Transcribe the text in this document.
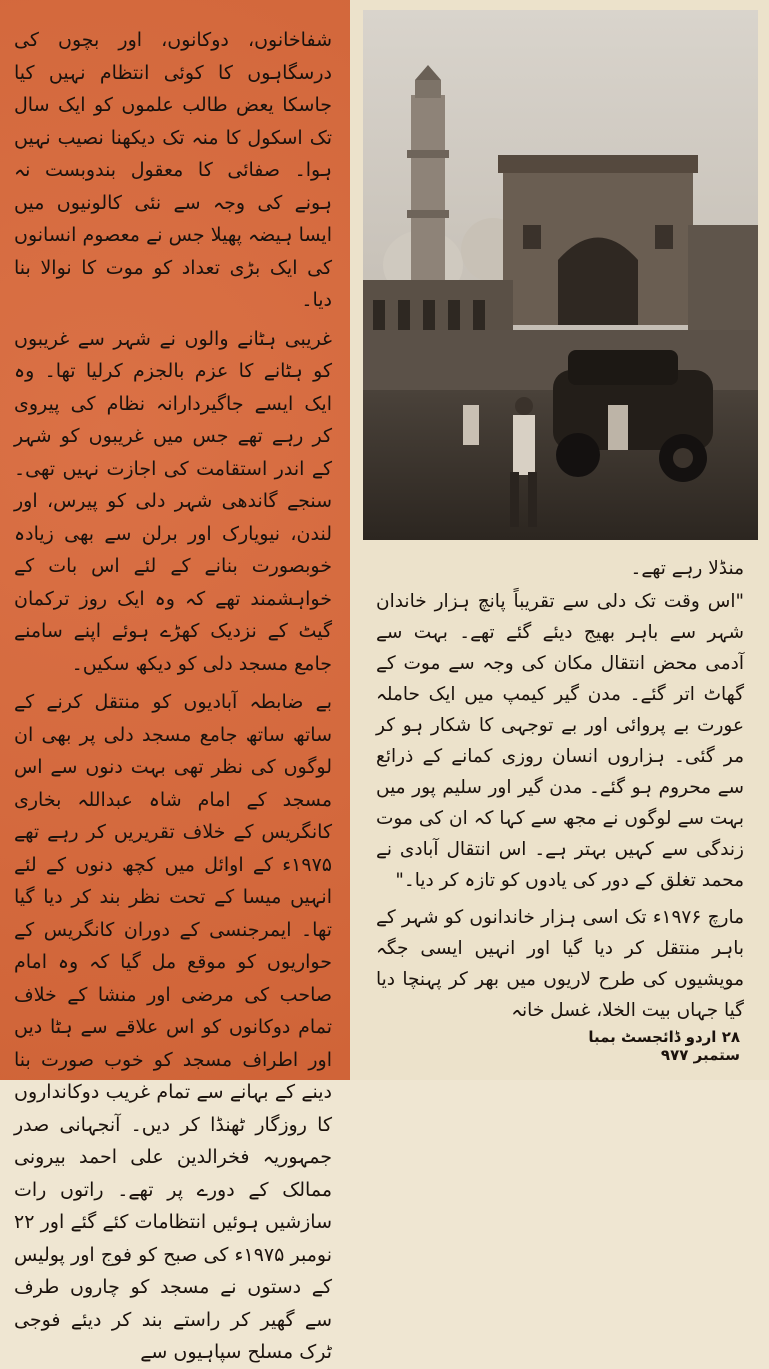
شفاخانوں، دوکانوں، اور بچوں کی درسگاہوں کا کوئی انتظام نہیں کیا جاسکا یعض طالب علموں کو ایک سال تک اسکول کا منہ تک دیکھنا نصیب نہیں ہوا۔ صفائی کا معقول بندوبست نہ ہونے کی وجہ سے نئی کالونیوں میں ایسا ہیضہ پھیلا جس نے معصوم انسانوں کی ایک بڑی تعداد کو موت کا نوالا بنا دیا۔

غریبی ہٹانے والوں نے شہر سے غریبوں کو ہٹانے کا عزم بالجزم کرلیا تھا۔ وہ ایک ایسے جاگیردارانہ نظام کی پیروی کر رہے تھے جس میں غریبوں کو شہر کے اندر استقامت کی اجازت نہیں تھی۔ سنجے گاندھی شہر دلی کو پیرس، اور لندن، نیویارک اور برلن سے بھی زیادہ خوبصورت بنانے کے لئے اس بات کے خواہشمند تھے کہ وہ ایک روز ترکمان گیٹ کے نزدیک کھڑے ہوئے اپنے سامنے جامع مسجد دلی کو دیکھ سکیں۔

بے ضابطہ آبادیوں کو منتقل کرنے کے ساتھ ساتھ جامع مسجد دلی پر بھی ان لوگوں کی نظر تھی بہت دنوں سے اس مسجد کے امام شاہ عبداللہ بخاری کانگریس کے خلاف تقریریں کر رہے تھے ۱۹۷۵ء کے اوائل میں کچھ دنوں کے لئے انہیں میسا کے تحت نظر بند کر دیا گیا تھا۔ ایمرجنسی کے دوران کانگریس کے حواریوں کو موقع مل گیا کہ وہ امام صاحب کی مرضی اور منشا کے خلاف تمام دوکانوں کو اس علاقے سے ہٹا دیں اور اطراف مسجد کو خوب صورت بنا دینے کے بہانے سے تمام غریب دوکانداروں کا روزگار ٹھنڈا کر دیں۔ آنجہانی صدر جمہوریہ فخرالدین علی احمد بیرونی ممالک کے دورے پر تھے۔ راتوں رات سازشیں ہوئیں انتظامات کئے گئے اور ۲۲ نومبر ۱۹۷۵ء کی صبح کو فوج اور پولیس کے دستوں نے مسجد کو چاروں طرف سے گھیر کر راستے بند کر دیئے فوجی ٹرک مسلح سپاہیوں سے

منڈلا رہے تھے۔

"اس وقت تک دلی سے تقریباً پانچ ہزار خاندان شہر سے باہر بھیج دیئے گئے تھے۔ بہت سے آدمی محض انتقال مکان کی وجہ سے موت کے گھاٹ اتر گئے۔ مدن گیر کیمپ میں ایک حاملہ عورت بے پروائی اور بے توجہی کا شکار ہو کر مر گئی۔ ہزاروں انسان روزی کمانے کے ذرائع سے محروم ہو گئے۔ مدن گیر اور سلیم پور میں بہت سے لوگوں نے مجھ سے کہا کہ ان کی موت زندگی سے کہیں بہتر ہے۔ اس انتقال آبادی نے محمد تغلق کے دور کی یادوں کو تازہ کر دیا۔"

مارچ ۱۹۷۶ء تک اسی ہزار خاندانوں کو شہر کے باہر منتقل کر دیا گیا اور انہیں ایسی جگہ مویشیوں کی طرح لاریوں میں بھر کر پہنچا دیا گیا جہاں بیت الخلا، غسل خانہ

۲۸ اردو ڈائجسٹ بمبا ستمبر ۹۷۷
